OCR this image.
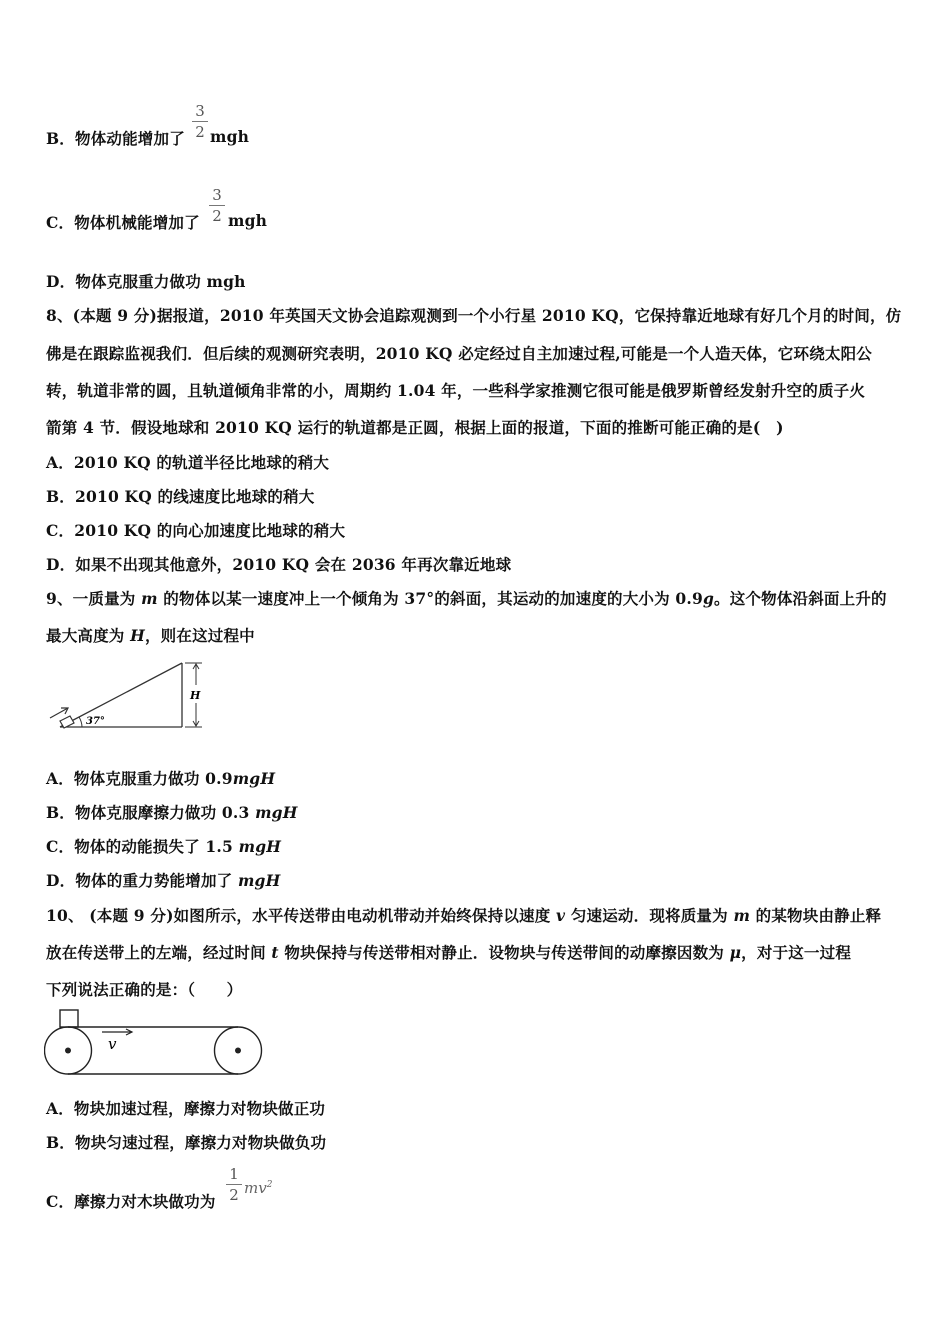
B．物体动能增加了
3
2 mgh
C．物体机械能增加了
3
2 mgh
D．物体克服重力做功 mgh
8、(本题 9 分)据报道，2010 年英国天文协会追踪观测到一个小行星 2010 KQ，它保持靠近地球有好几个月的时间，仿
佛是在跟踪监视我们．但后续的观测研究表明，2010 KQ 必定经过自主加速过程,可能是一个人造天体，它环绕太阳公
转，轨道非常的圆，且轨道倾角非常的小，周期约 1.04 年，一些科学家推测它很可能是俄罗斯曾经发射升空的质子火
箭第 4 节．假设地球和 2010 KQ 运行的轨道都是正圆，根据上面的报道，下面的推断可能正确的是(　)
A．2010 KQ 的轨道半径比地球的稍大
B．2010 KQ 的线速度比地球的稍大
C．2010 KQ 的向心加速度比地球的稍大
D．如果不出现其他意外，2010 KQ 会在 2036 年再次靠近地球
9、一质量为 m 的物体以某一速度冲上一个倾角为 37°的斜面，其运动的加速度的大小为 0.9g。这个物体沿斜面上升的
最大高度为 H，则在这过程中
37°
H
A．物体克服重力做功 0.9mgH
B．物体克服摩擦力做功 0.3 mgH
C．物体的动能损失了 1.5 mgH
D．物体的重力势能增加了 mgH
10、 (本题 9 分)如图所示，水平传送带由电动机带动并始终保持以速度 v 匀速运动．现将质量为 m 的某物块由静止释
放在传送带上的左端，经过时间 t 物块保持与传送带相对静止．设物块与传送带间的动摩擦因数为 μ，对于这一过程
下列说法正确的是：（　　）
v
A．物块加速过程，摩擦力对物块做正功
B．物块匀速过程，摩擦力对物块做负功
C．摩擦力对木块做功为
1
2 $mv^2$
